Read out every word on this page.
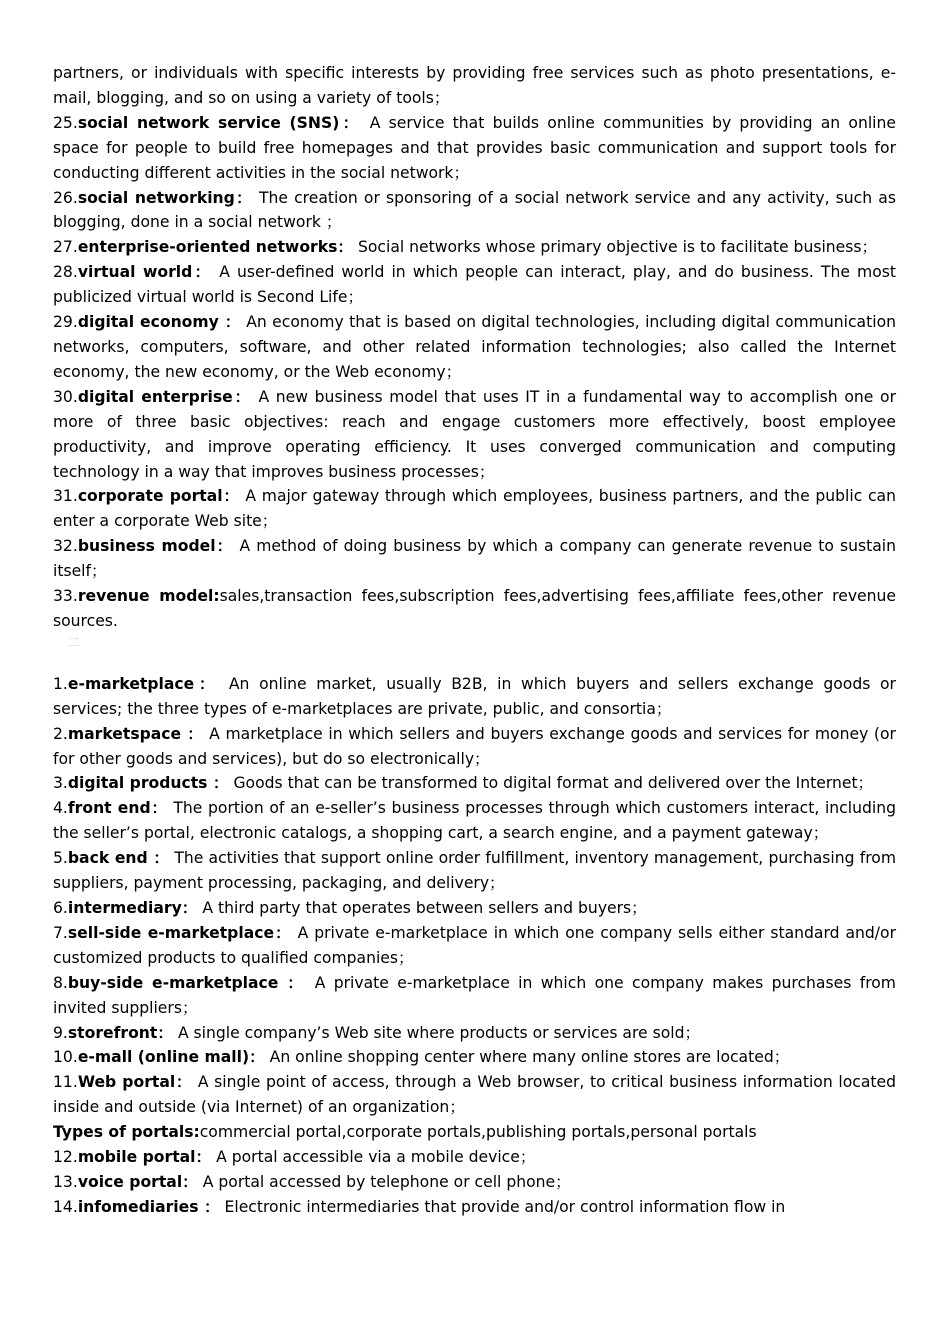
partners, or individuals with specific interests by providing free services such as photo presentations, e-mail, blogging, and so on using a variety of tools；

25.social network service (SNS)： A service that builds online communities by providing an online space for people to build free homepages and that provides basic communication and support tools for conducting different activities in the social network；

26.social networking： The creation or sponsoring of a social network service and any activity, such as blogging, done in a social network ；

27.enterprise-oriented networks： Social networks whose primary objective is to facilitate business；

28.virtual world： A user-defined world in which people can interact, play, and do business. The most publicized virtual world is Second Life；

29.digital economy ： An economy that is based on digital technologies, including digital communication networks, computers, software, and other related information technologies; also called the Internet economy, the new economy, or the Web economy；

30.digital enterprise： A new business model that uses IT in a fundamental way to accomplish one or more of three basic objectives: reach and engage customers more effectively, boost employee productivity, and improve operating efficiency. It uses converged communication and computing technology in a way that improves business processes；

31.corporate portal： A major gateway through which employees, business partners, and the public can enter a corporate Web site；

32.business model： A method of doing business by which a company can generate revenue to sustain itself；

33.revenue model:sales,transaction fees,subscription fees,advertising fees,affiliate fees,other revenue sources.

二

1.e-marketplace： An online market, usually B2B, in which buyers and sellers exchange goods or services; the three types of e-marketplaces are private, public, and consortia；

2.marketspace ： A marketplace in which sellers and buyers exchange goods and services for money (or for other goods and services), but do so electronically；

3.digital products ： Goods that can be transformed to digital format and delivered over the Internet；

4.front end： The portion of an e-seller’s business processes through which customers interact, including the seller’s portal, electronic catalogs, a shopping cart, a search engine, and a payment gateway；

5.back end ： The activities that support online order fulfillment, inventory management, purchasing from suppliers, payment processing, packaging, and delivery；

6.intermediary： A third party that operates between sellers and buyers；

7.sell-side e-marketplace： A private e-marketplace in which one company sells either standard and/or customized products to qualified companies；

8.buy-side e-marketplace ： A private e-marketplace in which one company makes purchases from invited suppliers；

9.storefront： A single company’s Web site where products or services are sold；

10.e-mall (online mall)： An online shopping center where many online stores are located；

11.Web portal： A single point of access, through a Web browser, to critical business information located inside and outside (via Internet) of an organization；

Types of portals:commercial portal,corporate portals,publishing portals,personal portals

12.mobile portal： A portal accessible via a mobile device；

13.voice portal： A portal accessed by telephone or cell phone；

14.infomediaries ： Electronic intermediaries that provide and/or control information flow in
